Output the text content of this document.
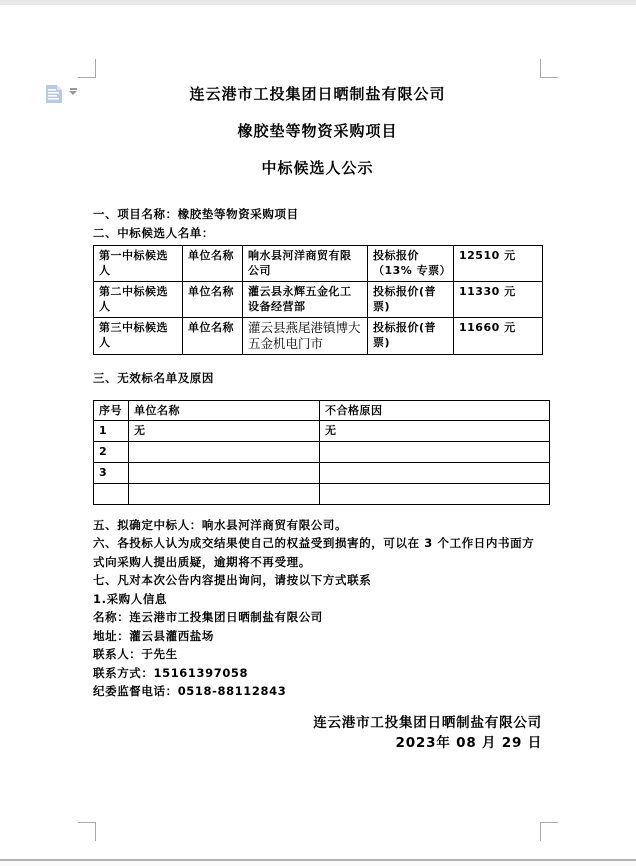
连云港市工投集团日晒制盐有限公司
橡胶垫等物资采购项目
中标候选人公示
一、项目名称：橡胶垫等物资采购项目
二、中标候选人名单：
第一中标候选人	单位名称	响水县河洋商贸有限公司	投标报价（13% 专票）	12510 元
第二中标候选人	单位名称	灌云县永辉五金化工设备经营部	投标报价(普票)	11330 元
第三中标候选人	单位名称	灌云县燕尾港镇博大五金机电门市	投标报价(普票)	11660 元
三、无效标名单及原因
序号	单位名称	不合格原因
1	无	无
2		
3		

五、拟确定中标人：响水县河洋商贸有限公司。
六、各投标人认为成交结果使自己的权益受到损害的，可以在 3 个工作日内书面方式向采购人提出质疑，逾期将不再受理。
七、凡对本次公告内容提出询问，请按以下方式联系
1.采购人信息
名称：连云港市工投集团日晒制盐有限公司
地址：灌云县灌西盐场
联系人：于先生
联系方式：15161397058
纪委监督电话：0518-88112843
连云港市工投集团日晒制盐有限公司
2023年 08 月 29 日
